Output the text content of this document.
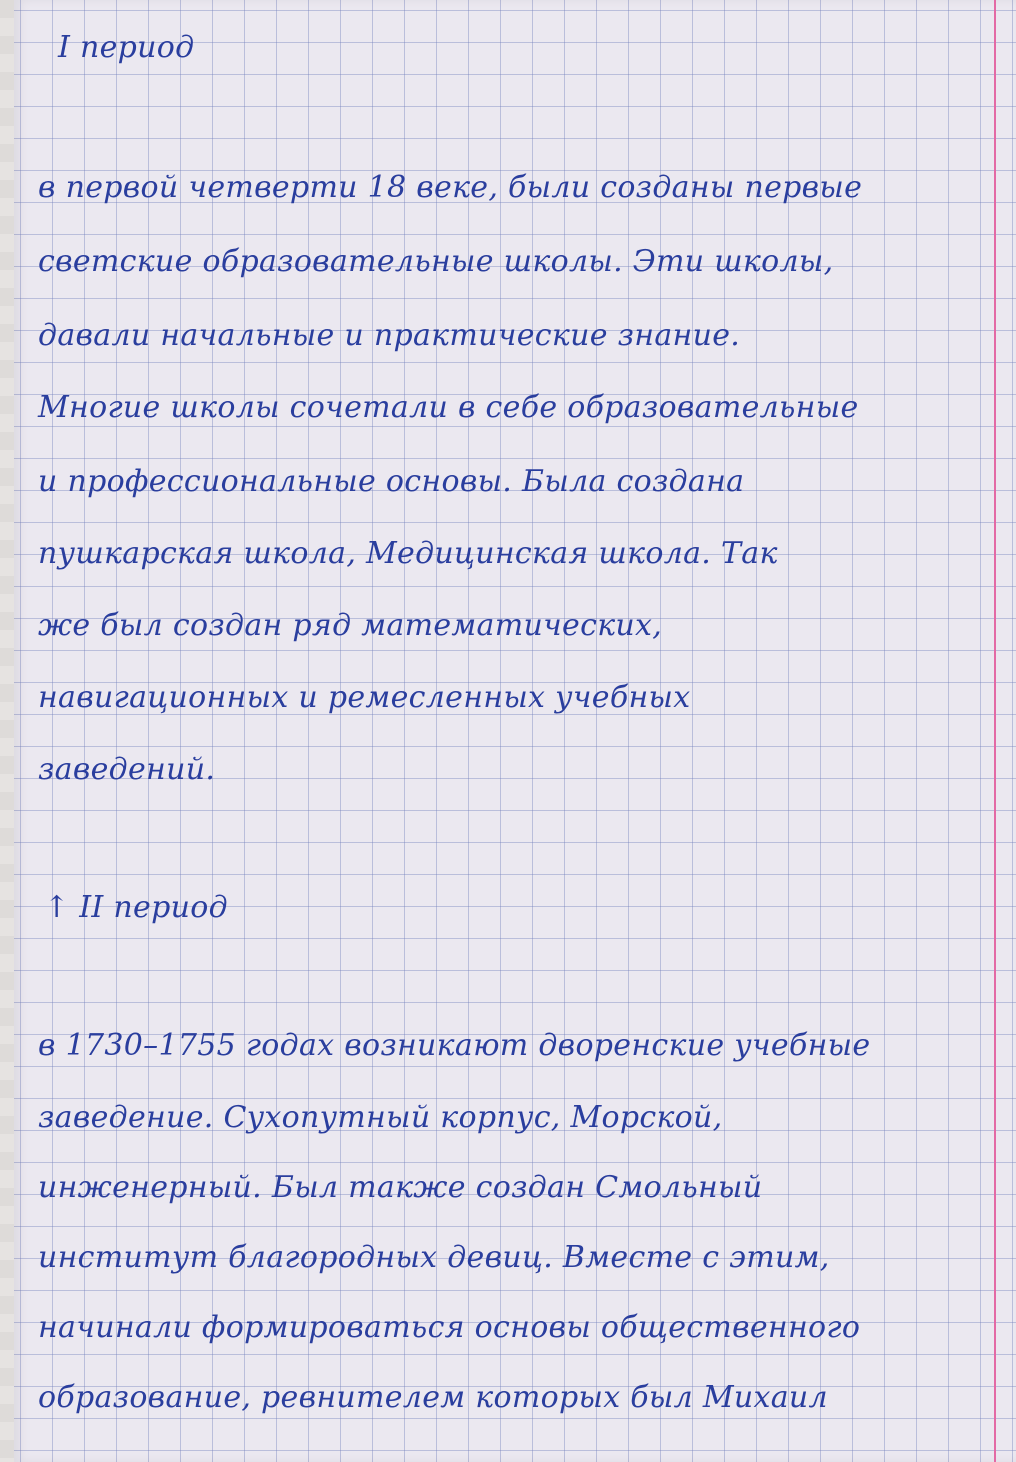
I период

в первой четверти 18 веке, были созданы первые

светские образовательные школы. Эти школы,

давали начальные и практические знание.

Многие школы сочетали в себе образовательные

и профессиональные основы. Была создана

пушкарская школа, Медицинская школа. Так

же был создан ряд математических,

навигационных и ремесленных учебных

заведений.

↑ II период

в 1730–1755 годах возникают дворенские учебные

заведение. Сухопутный корпус, Морской,

инженерный. Был также создан Смольный

институт благородных девиц. Вместе с этим,

начинали формироваться основы общественного

образование, ревнителем которых был Михаил
